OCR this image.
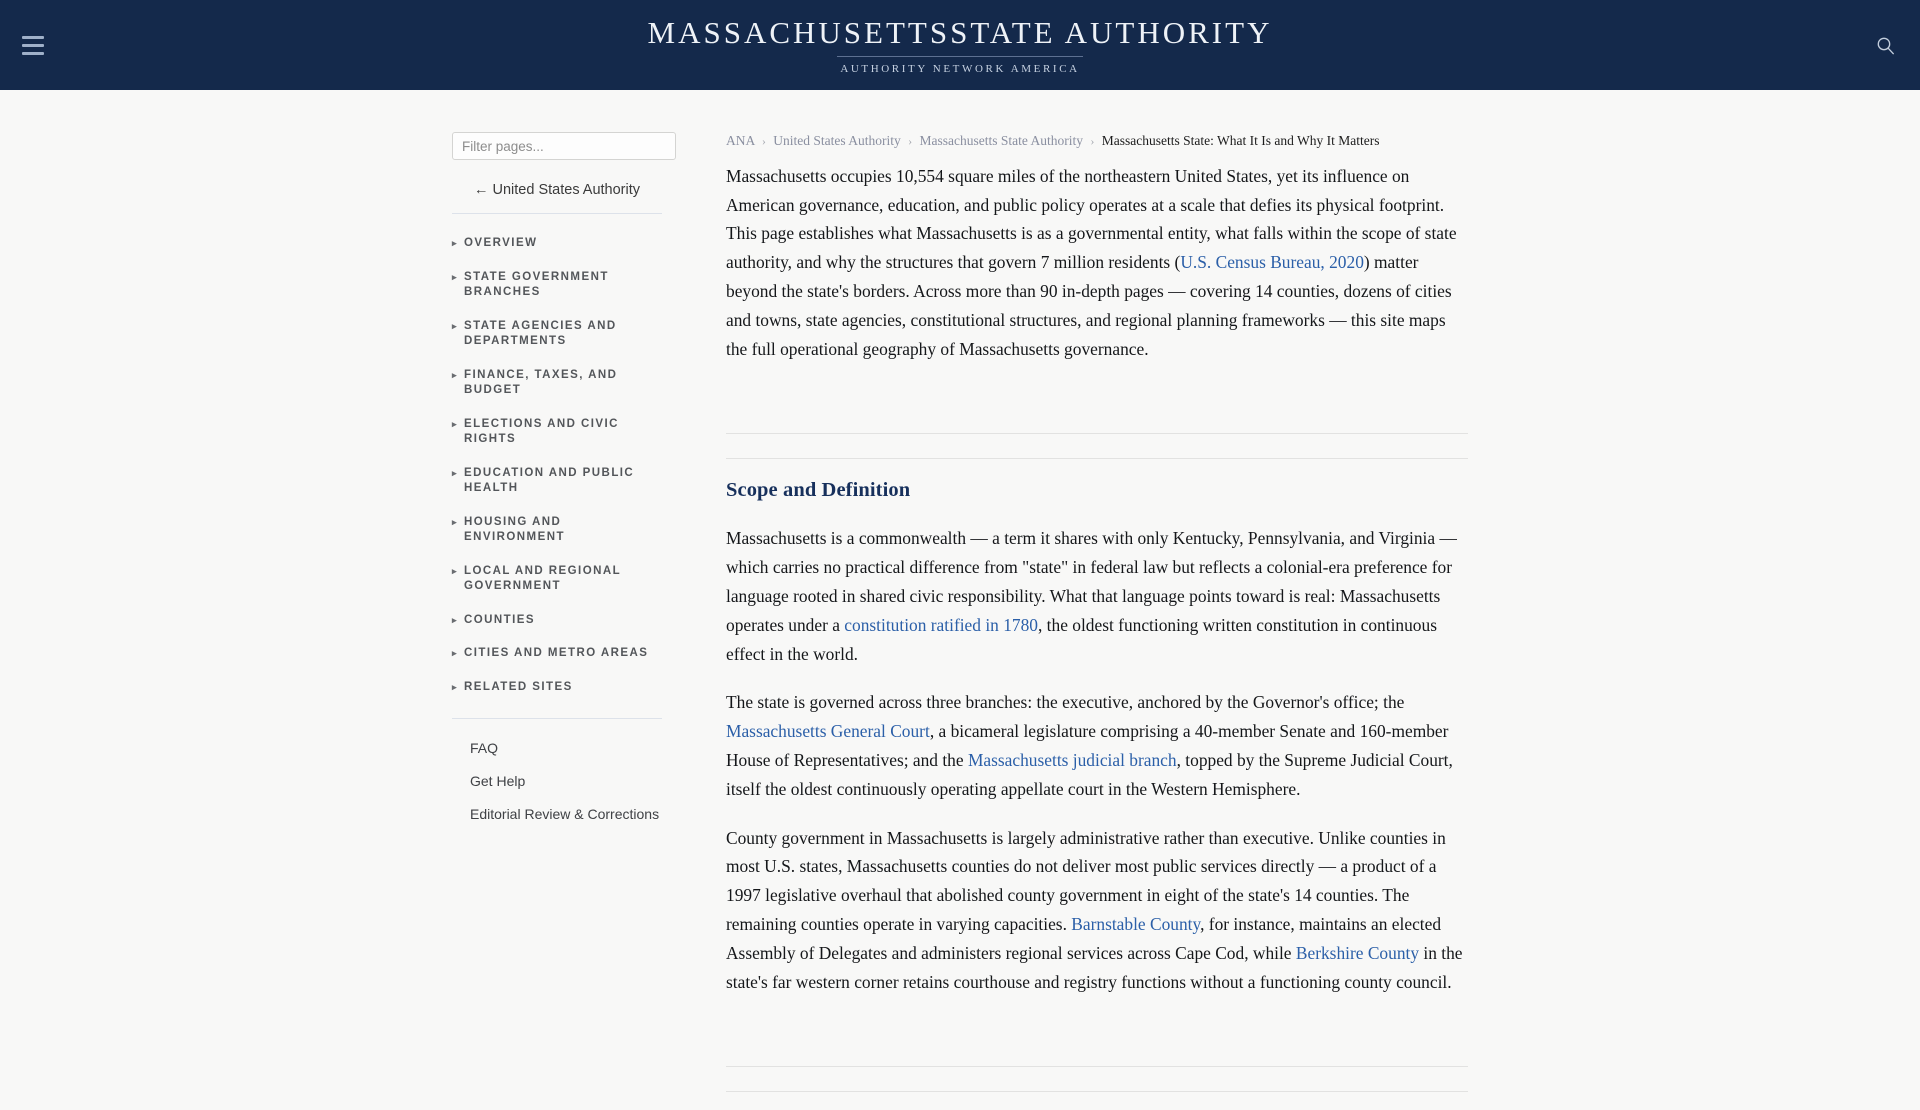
MASSACHUSETTSSTATE AUTHORITY
AUTHORITY NETWORK AMERICA
Filter pages...
← United States Authority
▸ OVERVIEW
▸ STATE GOVERNMENT BRANCHES
▸ STATE AGENCIES AND DEPARTMENTS
▸ FINANCE, TAXES, AND BUDGET
▸ ELECTIONS AND CIVIC RIGHTS
▸ EDUCATION AND PUBLIC HEALTH
▸ HOUSING AND ENVIRONMENT
▸ LOCAL AND REGIONAL GOVERNMENT
▸ COUNTIES
▸ CITIES AND METRO AREAS
▸ RELATED SITES
FAQ
Get Help
Editorial Review & Corrections
ANA › United States Authority › Massachusetts State Authority › Massachusetts State: What It Is and Why It Matters

Massachusetts occupies 10,554 square miles of the northeastern United States, yet its influence on American governance, education, and public policy operates at a scale that defies its physical footprint. This page establishes what Massachusetts is as a governmental entity, what falls within the scope of state authority, and why the structures that govern 7 million residents (U.S. Census Bureau, 2020) matter beyond the state's borders. Across more than 90 in-depth pages — covering 14 counties, dozens of cities and towns, state agencies, constitutional structures, and regional planning frameworks — this site maps the full operational geography of Massachusetts governance.

Scope and Definition

Massachusetts is a commonwealth — a term it shares with only Kentucky, Pennsylvania, and Virginia — which carries no practical difference from "state" in federal law but reflects a colonial-era preference for language rooted in shared civic responsibility. What that language points toward is real: Massachusetts operates under a constitution ratified in 1780, the oldest functioning written constitution in continuous effect in the world.

The state is governed across three branches: the executive, anchored by the Governor's office; the Massachusetts General Court, a bicameral legislature comprising a 40-member Senate and 160-member House of Representatives; and the Massachusetts judicial branch, topped by the Supreme Judicial Court, itself the oldest continuously operating appellate court in the Western Hemisphere.

County government in Massachusetts is largely administrative rather than executive. Unlike counties in most U.S. states, Massachusetts counties do not deliver most public services directly — a product of a 1997 legislative overhaul that abolished county government in eight of the state's 14 counties. The remaining counties operate in varying capacities. Barnstable County, for instance, maintains an elected Assembly of Delegates and administers regional services across Cape Cod, while Berkshire County in the state's far western corner retains courthouse and registry functions without a functioning county council.
